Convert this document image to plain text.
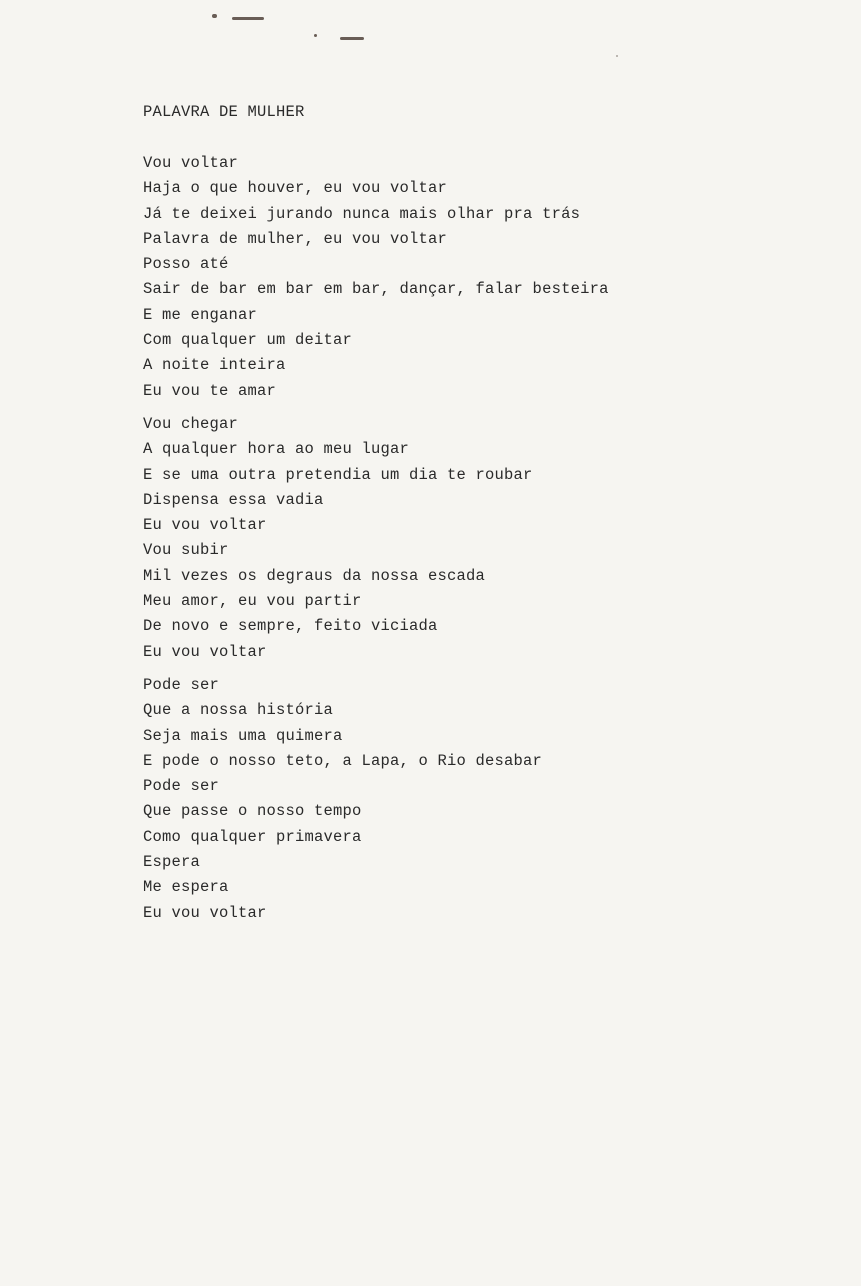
PALAVRA DE MULHER
Vou voltar
Haja o que houver, eu vou voltar
Já te deixei jurando nunca mais olhar pra trás
Palavra de mulher, eu vou voltar
Posso até
Sair de bar em bar em bar, dançar, falar besteira
E me enganar
Com qualquer um deitar
A noite inteira
Eu vou te amar
Vou chegar
A qualquer hora ao meu lugar
E se uma outra pretendia um dia te roubar
Dispensa essa vadia
Eu vou voltar
Vou subir
Mil vezes os degraus da nossa escada
Meu amor, eu vou partir
De novo e sempre, feito viciada
Eu vou voltar
Pode ser
Que a nossa história
Seja mais uma quimera
E pode o nosso teto, a Lapa, o Rio desabar
Pode ser
Que passe o nosso tempo
Como qualquer primavera
Espera
Me espera
Eu vou voltar
